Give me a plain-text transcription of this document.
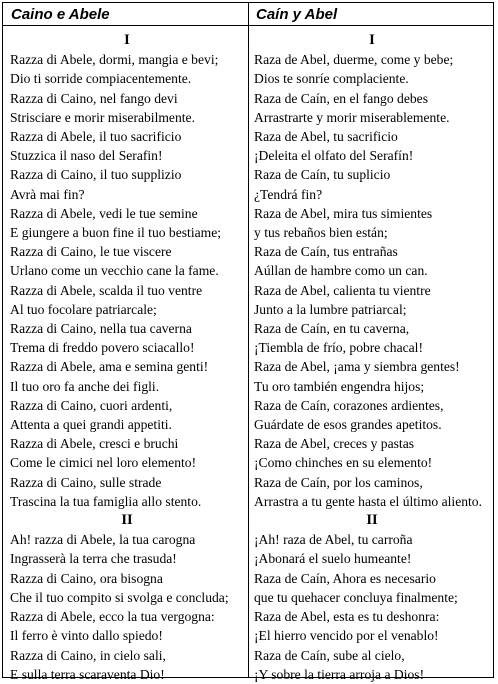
Caino e Abele	Caín y Abel
I
Razza di Abele, dormi, mangia e bevi;
Dio ti sorride compiacentemente.
Razza di Caino, nel fango devi
Strisciare e morir miserabilmente.
Razza di Abele, il tuo sacrificio
Stuzzica il naso del Serafin!
Razza di Caino, il tuo supplizio
Avrà mai fin?
Razza di Abele, vedi le tue semine
E giungere a buon fine il tuo bestiame;
Razza di Caino, le tue viscere
Urlano come un vecchio cane la fame.
Razza di Abele, scalda il tuo ventre
Al tuo focolare patriarcale;
Razza di Caino, nella tua caverna
Trema di freddo povero sciacallo!
Razza di Abele, ama e semina genti!
Il tuo oro fa anche dei figli.
Razza di Caino, cuori ardenti,
Attenta a quei grandi appetiti.
Razza di Abele, cresci e bruchi
Come le cimici nel loro elemento!
Razza di Caino, sulle strade
Trascina la tua famiglia allo stento.
II
Ah! razza di Abele, la tua carogna
Ingrasserà la terra che trasuda!
Razza di Caino, ora bisogna
Che il tuo compito si svolga e concluda;
Razza di Abele, ecco la tua vergogna:
Il ferro è vinto dallo spiedo!
Razza di Caino, in cielo sali,
E sulla terra scaraventa Dio!
I
Raza de Abel, duerme, come y bebe;
Dios te sonríe complaciente.
Raza de Caín, en el fango debes
Arrastrarte y morir miserablemente.
Raza de Abel, tu sacrificio
¡Deleita el olfato del Serafín!
Raza de Caín, tu suplicio
¿Tendrá fin?
Raza de Abel, mira tus simientes
y tus rebaños bien están;
Raza de Caín, tus entrañas
Aúllan de hambre como un can.
Raza de Abel, calienta tu vientre
Junto a la lumbre patriarcal;
Raza de Caín, en tu caverna,
¡Tiembla de frío, pobre chacal!
Raza de Abel, ¡ama y siembra gentes!
Tu oro también engendra hijos;
Raza de Caín, corazones ardientes,
Guárdate de esos grandes apetitos.
Raza de Abel, creces y pastas
¡Como chinches en su elemento!
Raza de Caín, por los caminos,
Arrastra a tu gente hasta el último aliento.
II
¡Ah! raza de Abel, tu carroña
¡Abonará el suelo humeante!
Raza de Caín, Ahora es necesario
que tu quehacer concluya finalmente;
Raza de Abel, esta es tu deshonra:
¡El hierro vencido por el venablo!
Raza de Caín, sube al cielo,
¡Y sobre la tierra arroja a Dios!
